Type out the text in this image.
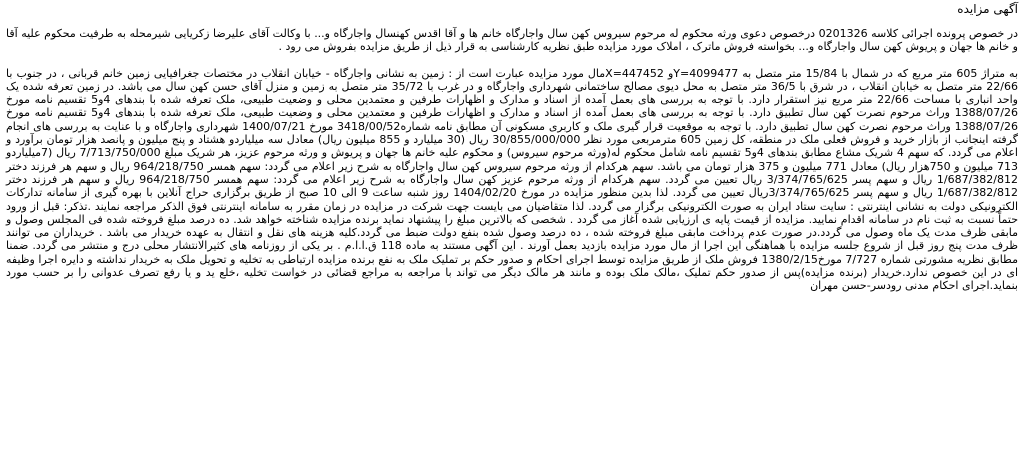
آگهی مزایده

در خصوص پرونده اجرائی کلاسه 0201326 درخصوص دعوی ورثه محکوم له مرحوم سیروس کهن سال واجارگاه خانم ها و آقا اقدس کهنسال واجارگاه و... با وکالت آقای علیرضا زکریایی شیرمحله به طرفیت محکوم علیه آقا و خانم ها جهان و پریوش کهن سال واجارگاه و... بخواسته فروش ماترک ، املاک مورد مزایده طبق نظریه کارشناسی به قرار ذیل از طریق مزایده بفروش می رود .

به متراژ 605 متر مربع که در شمال با 15/84 متر متصل به Y=4099477و X=447452مال مورد مزایده عبارت است از : زمین به نشانی واجارگاه - خیابان انقلاب در مختصات جغرافیایی زمین خانم قربانی ، در جنوب با 22/66 متر متصل به خیابان انقلاب ، در شرق با 36/5 متر متصل به محل دیوی مصالح ساختمانی شهرداری واجارگاه و در غرب با 35/72 متر متصل به زمین و منزل آقای حسن کهن سال می باشد. در زمین تعرفه شده یک واحد انباری با مساحت 22/66 متر مربع نیز استقرار دارد. با توجه به بررسی های بعمل آمده از اسناد و مدارک و اظهارات طرفین و معتمدین محلی و وضعیت طبیعی، ملک تعرفه شده با بندهای 4و5 تقسیم نامه مورخ 1388/07/26 وراث مرحوم نصرت کهن سال تطبیق دارد. با توجه به بررسی های بعمل آمده از اسناد و مدارک و اظهارات طرفین و معتمدین محلی و وضعیت طبیعی، ملک تعرفه شده با بندهای 4و5 تقسیم نامه مورخ 1388/07/26 وراث مرحوم نصرت کهن سال تطبیق دارد. با توجه به موقعیت قرار گیری ملک و کاربری مسکونی آن مطابق نامه شماره3418/00/52 مورخ 1400/07/21 شهرداری واجارگاه و با عنایت به بررسی های انجام گرفته اینجانب از بازار خرید و فروش فعلی ملک در منطقه، کل زمین 605 مترمربعی مورد نظر 30/855/000/000 ریال (30 میلیارد و 855 میلیون ریال) معادل سه میلیاردو هشتاد و پنج میلیون و پانصد هزار تومان برآورد و اعلام می گردد. که سهم 4 شریک مشاع مطابق بندهای 4و5 تقسیم نامه شامل محکوم له(ورثه مرحوم سیروس) و محکوم علیه خانم ها جهان و پریوش و ورثه مرحوم عزیز، هر شریک مبلغ 7/713/750/000 ریال (7میلیاردو 713 میلیون و 750هزار ریال) معادل 771 میلیون و 375 هزار تومان می باشد. سهم هرکدام از ورثه مرحوم سیروس کهن سال واجارگاه به شرح زیر اعلام می گردد: سهم همسر 964/218/750 ریال و سهم هر فرزند دختر 1/687/382/812 ریال و سهم پسر 3/374/765/625 ریال تعیین می گردد. سهم هرکدام از ورثه مرحوم عزیز کهن سال واجارگاه به شرح زیر اعلام می گردد: سهم همسر 964/218/750 ریال و سهم هر فرزند دختر 1/687/382/812 ریال و سهم پسر 3/374/765/625ریال تعیین می گردد. لذا بدین منظور مزایده در مورخ 1404/02/20 روز شنبه ساعت 9 الی 10 صبح از طریق برگزاری حراج آنلاین با بهره گیری از سامانه تدارکات الکترونیکی دولت به نشانی اینترنتی : سایت ستاد ایران به صورت الکترونیکی برگزار می گردد. لذا متقاضیان می بایست جهت شرکت در مزایده در زمان مقرر به سامانه اینترنتی فوق الذکر مراجعه نمایند .تذکر: قبل از ورود حتماً نسبت به ثبت نام در سامانه اقدام نمایید. مزایده از قیمت پایه ی ارزیابی شده آغاز می گردد . شخصی که بالاترین مبلغ را پیشنهاد نماید برنده مزایده شناخته خواهد شد. ده درصد مبلغ فروخته شده فی المجلس وصول و مابقی ظرف مدت یک ماه وصول می گردد.در صورت عدم پرداخت مابقی مبلغ فروخته شده ، ده درصد وصول شده بنفع دولت ضبط می گردد.کلیه هزینه های نقل و انتقال به عهده خریدار می باشد . خریداران می توانند ظرف مدت پنج روز قبل از شروع جلسه مزایده با هماهنگی این اجرا از مال مورد مزایده بازدید بعمل آورند . این آگهی مستند به ماده 118 ق.ا.ا.م . بر یکی از روزنامه های کثیرالانتشار محلی درج و منتشر می گردد. ضمنا مطابق نظریه مشورتی شماره 7/727 مورخ1380/2/15 فروش ملک از طریق مزایده توسط اجرای احکام و صدور حکم بر تملیک ملک به نفع برنده مزایده ارتباطی به تخلیه و تحویل ملک به خریدار نداشته و دایره اجرا وظیفه ای در این خصوص ندارد.خریدار (برنده مزایده)پس از صدور حکم تملیک ،مالک ملک بوده و مانند هر مالک دیگر می تواند با مراجعه به مراجع قضائی در خواست تخلیه ،خلع ید و یا رفع تصرف عدوانی را بر حسب مورد بنماید.اجرای احکام مدنی رودسر-حسن مهران
